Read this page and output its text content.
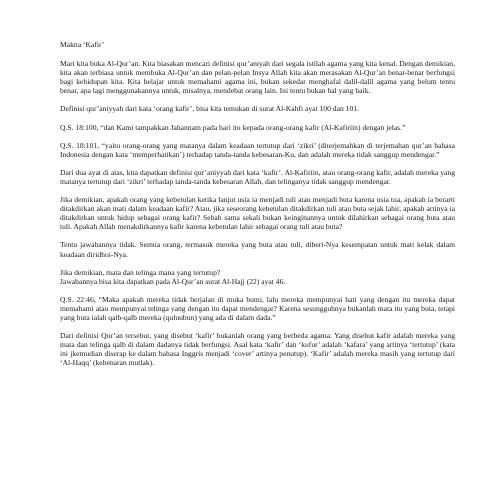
Makna ‘Kafir’

Mari kita buka Al-Qur’an. Kita biasakan mencari definisi qur’aniyah dari segala istilah agama yang kita kenal. Dengan demikian, kita akan terbiasa untuk membuka Al-Qur’an dan pelan-pelan Insya Allah kita akan merasakan Al-Qur’an benar-benar berfungsi bagi kehidupan kita. Kita belajar untuk memahami agama ini, bukan sekedar menghafal dalil-dalil agama yang belum tentu benar, apa lagi menggunakannya untuk, misalnya, mendebat orang lain. Ini tentu bukan hal yang baik.

Definisi qur’aniyyah dari kata ‘orang kafir’, bisa kita temukan di surat Al-Kahfi ayat 100 dan 101.

Q.S. 18:100, “dan Kami tampakkan Jahannam pada hari itu kepada orang-orang kafir (Al-Kafiriin) dengan jelas.”

Q.S. 18:101, “yaitu orang-orang yang matanya dalam keadaan tertutup dari ‘zikri’ (diterjemahkan di terjemahan qur’an bahasa Indonesia dengan kata ‘memperhatikan’) terhadap tanda-tanda kebesaran-Ku, dan adalah mereka tidak sanggup mendengar.”

Dari dua ayat di atas, kita dapatkan definisi qur’aniyyah dari kata ‘kafir’. Al-Kafiriin, atau orang-orang kafir, adalah mereka yang matanya tertutup dari ‘zikri’ terhadap tanda-tanda kebesaran Allah, dan telinganya tidak sanggup mendengar.

Jika demikian, apakah orang yang kebetulan ketika lanjut usia ia menjadi tuli atau menjadi buta karena usia tua, apakah ia berarti ditakdirkan akan mati dalam keadaan kafir? Atau, jika seseorang kebetulan ditakdirkan tuli atau buta sejak lahir, apakah artinya ia ditakdirkan untuk hidup sebagai orang kafir? Sebab sama sekali bukan keinginannya untuk dilahirkan sebagai orang buta atau tuli. Apakah Allah menakdirkannya kafir karena kebetulan lahir sebagai orang tuli atau buta?

Tentu jawabannya tidak. Semua orang, termasuk mereka yang buta atau tuli, diberi-Nya kesempatan untuk mati kelak dalam keadaan diridhoi-Nya.

Jika demikian, mata dan telinga mana yang tertutup?
Jawabannya bisa kita dapatkan pada Al-Qur’an surat Al-Hajj (22) ayat 46.

Q.S. 22:46, “Maka apakah mereka tidak berjalan di muka bumi, lalu mereka mempunyai hati yang dengan itu mereka dapat memahami atau mempunyai telinga yang dengan itu dapat mendengar? Karena sesungguhnya bukanlah mata itu yang buta, tetapi yang buta ialah qalb-qalb mereka (quluubun) yang ada di dalam dada.”

Dari definisi Qur’an tersebut, yang disebut ‘kafir’ bukanlah orang yang berbeda agama. Yang disebut kafir adalah mereka yang mata dan telinga qalb di dalam dadanya tidak berfungsi. Asal kata ‘kafir’ dan ‘kufur’ adalah ‘kafara’ yang artinya ‘tertutup’ (kata ini jkemudian diserap ke dalam bahasa Inggris menjadi ‘cover’ artinya penutup). ‘Kafir’ adalah mereka masih yang tertutup dari ‘Al-Haqq’ (kebenaran mutlak).
